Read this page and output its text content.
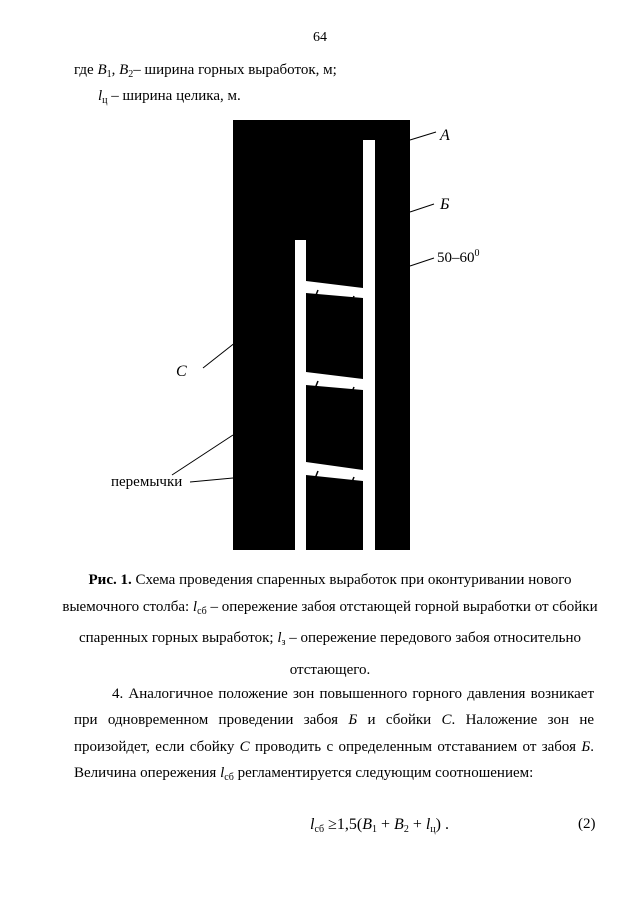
64
где $B_1$, $B_2-$ ширина горных выработок, м;
$l_ц$ – ширина целика, м.
А
Б
$50-60^0$
С
перемычки
Рис. 1. Схема проведения спаренных выработок при оконтуривании нового выемочного столба: $l_{сб}$ – опережение забоя отстающей горной выработки от сбойки спаренных горных выработок; $l_з$ – опережение передового забоя относительно отстающего.

4. Аналогичное положение зон повышенного горного давления возникает при одновременном проведении забоя Б и сбойки С. Наложение зон не произойдет, если сбойку С проводить с определенным отставанием от забоя Б. Величина опережения $l_{сб}$ регламентируется следующим соотношением:

$l_{сб} \ge 1,5(B_1 + B_2 + l_ц)$ .	(2)
